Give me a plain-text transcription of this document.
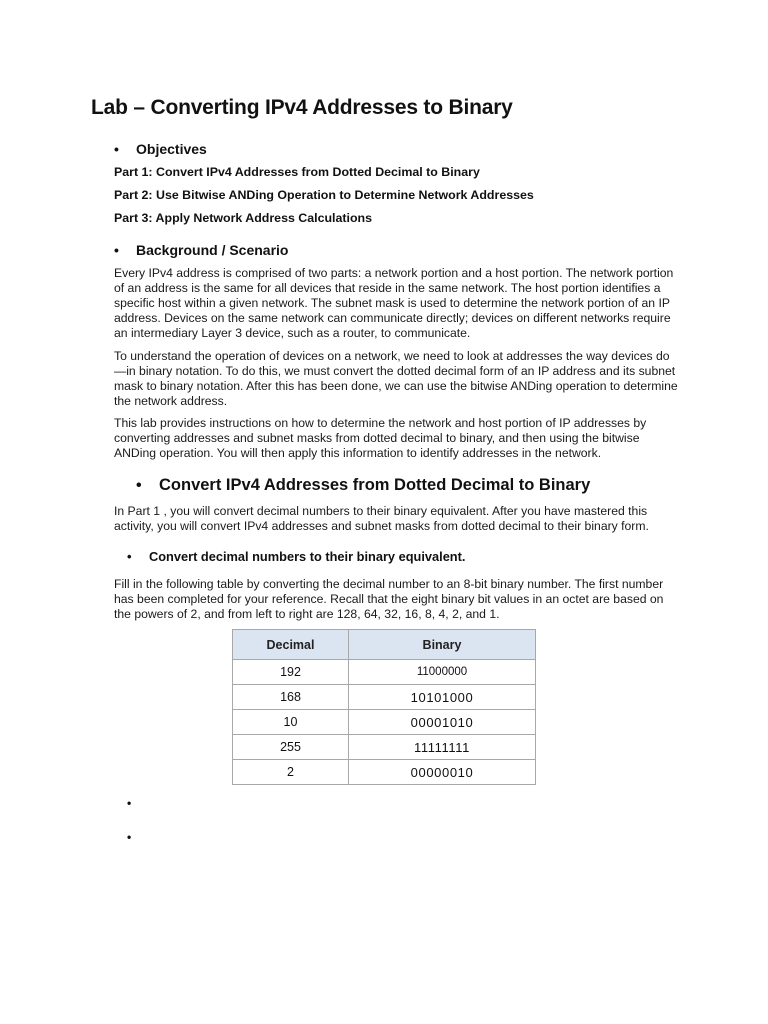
Lab – Converting IPv4 Addresses to Binary
• Objectives
Part 1: Convert IPv4 Addresses from Dotted Decimal to Binary
Part 2: Use Bitwise ANDing Operation to Determine Network Addresses
Part 3: Apply Network Address Calculations
• Background / Scenario
Every IPv4 address is comprised of two parts: a network portion and a host portion. The network portion of an address is the same for all devices that reside in the same network. The host portion identifies a specific host within a given network. The subnet mask is used to determine the network portion of an IP address. Devices on the same network can communicate directly; devices on different networks require an intermediary Layer 3 device, such as a router, to communicate.
To understand the operation of devices on a network, we need to look at addresses the way devices do—in binary notation. To do this, we must convert the dotted decimal form of an IP address and its subnet mask to binary notation. After this has been done, we can use the bitwise ANDing operation to determine the network address.
This lab provides instructions on how to determine the network and host portion of IP addresses by converting addresses and subnet masks from dotted decimal to binary, and then using the bitwise ANDing operation. You will then apply this information to identify addresses in the network.
• Convert IPv4 Addresses from Dotted Decimal to Binary
In Part 1 , you will convert decimal numbers to their binary equivalent. After you have mastered this activity, you will convert IPv4 addresses and subnet masks from dotted decimal to their binary form.
• Convert decimal numbers to their binary equivalent.
Fill in the following table by converting the decimal number to an 8-bit binary number. The first number has been completed for your reference. Recall that the eight binary bit values in an octet are based on the powers of 2, and from left to right are 128, 64, 32, 16, 8, 4, 2, and 1.
Decimal	Binary
192	11000000
168	10101000
10	00001010
255	11111111
2	00000010
•
•
